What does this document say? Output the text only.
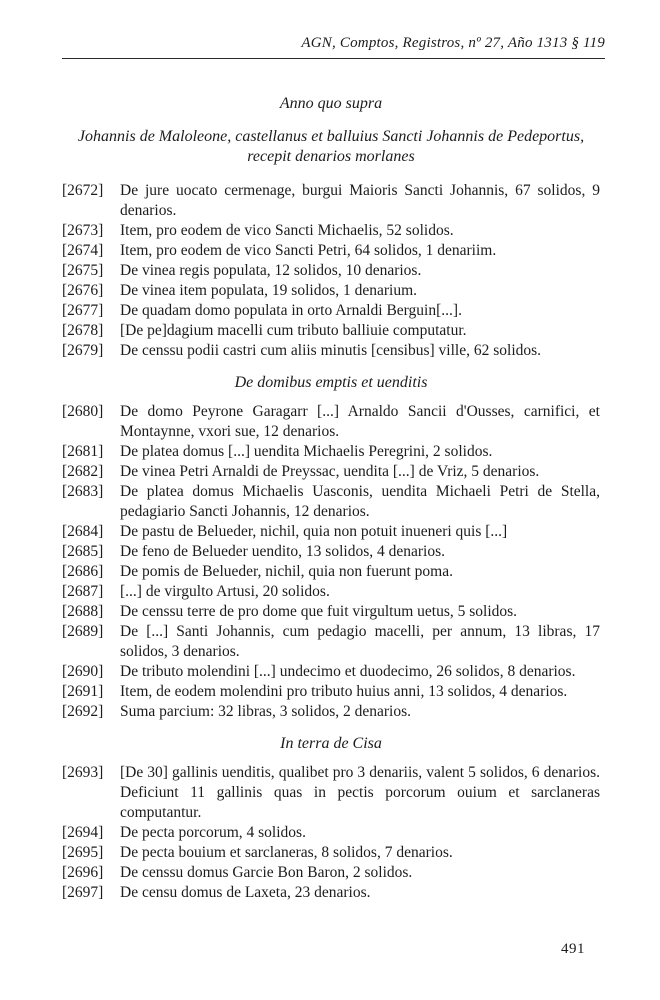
AGN, Comptos, Registros, nº 27, Año 1313 § 119
Anno quo supra
Johannis de Maloleone, castellanus et balluius Sancti Johannis de Pedeportus, recepit denarios morlanes

[2672] De jure uocato cermenage, burgui Maioris Sancti Johannis, 67 solidos, 9 denarios.

[2673] Item, pro eodem de vico Sancti Michaelis, 52 solidos.

[2674] Item, pro eodem de vico Sancti Petri, 64 solidos, 1 denariim.

[2675] De vinea regis populata, 12 solidos, 10 denarios.

[2676] De vinea item populata, 19 solidos, 1 denarium.

[2677] De quadam domo populata in orto Arnaldi Berguin[...].

[2678] [De pe]dagium macelli cum tributo balliuie computatur.

[2679] De censsu podii castri cum aliis minutis [censibus] ville, 62 solidos.

De domibus emptis et uenditis

[2680] De domo Peyrone Garagarr [...] Arnaldo Sancii d'Ousses, carnifici, et Montaynne, vxori sue, 12 denarios.

[2681] De platea domus [...] uendita Michaelis Peregrini, 2 solidos.

[2682] De vinea Petri Arnaldi de Preyssac, uendita [...] de Vriz, 5 denarios.

[2683] De platea domus Michaelis Uasconis, uendita Michaeli Petri de Stella, pedagiario Sancti Johannis, 12 denarios.

[2684] De pastu de Belueder, nichil, quia non potuit inueneri quis [...]

[2685] De feno de Belueder uendito, 13 solidos, 4 denarios.

[2686] De pomis de Belueder, nichil, quia non fuerunt poma.

[2687] [...] de virgulto Artusi, 20 solidos.

[2688] De censsu terre de pro dome que fuit virgultum uetus, 5 solidos.

[2689] De [...] Santi Johannis, cum pedagio macelli, per annum, 13 libras, 17 solidos, 3 denarios.

[2690] De tributo molendini [...] undecimo et duodecimo, 26 solidos, 8 denarios.

[2691] Item, de eodem molendini pro tributo huius anni, 13 solidos, 4 denarios.

[2692] Suma parcium: 32 libras, 3 solidos, 2 denarios.

In terra de Cisa

[2693] [De 30] gallinis uenditis, qualibet pro 3 denariis, valent 5 solidos, 6 denarios. Deficiunt 11 gallinis quas in pectis porcorum ouium et sarclaneras computantur.

[2694] De pecta porcorum, 4 solidos.

[2695] De pecta bouium et sarclaneras, 8 solidos, 7 denarios.

[2696] De censsu domus Garcie Bon Baron, 2 solidos.

[2697] De censu domus de Laxeta, 23 denarios.

491
